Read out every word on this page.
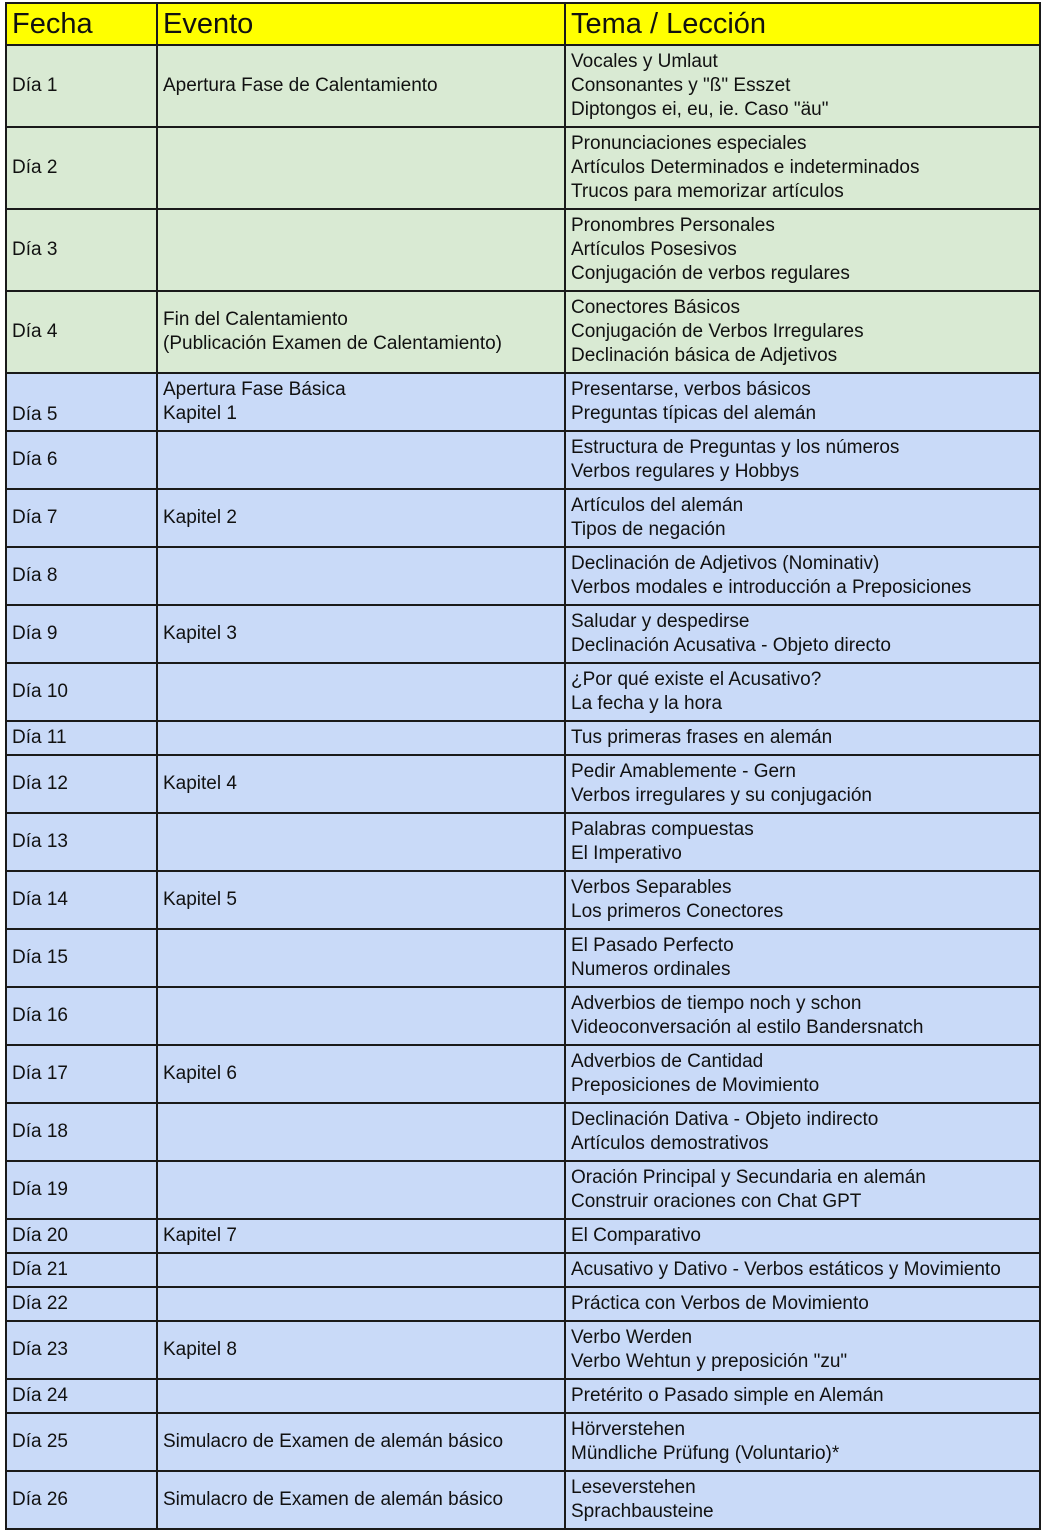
Fecha	Evento	Tema / Lección
Día 1	Apertura Fase de Calentamiento	Vocales y Umlaut
Consonantes y "ß" Esszet
Diptongos ei, eu, ie. Caso "äu"

Día 2		Pronunciaciones especiales
Artículos Determinados e indeterminados
Trucos para memorizar artículos

Día 3		Pronombres Personales
Artículos Posesivos
Conjugación de verbos regulares

Día 4	Fin del Calentamiento
(Publicación Examen de Calentamiento)	Conectores Básicos
Conjugación de Verbos Irregulares
Declinación básica de Adjetivos

Día 5	Apertura Fase Básica
Kapitel 1	Presentarse, verbos básicos
Preguntas típicas del alemán

Día 6		Estructura de Preguntas y los números
Verbos regulares y Hobbys

Día 7	Kapitel 2	Artículos del alemán
Tipos de negación

Día 8		Declinación de Adjetivos (Nominativ)
Verbos modales e introducción a Preposiciones

Día 9	Kapitel 3	Saludar y despedirse
Declinación Acusativa - Objeto directo

Día 10		¿Por qué existe el Acusativo?
La fecha y la hora

Día 11		Tus primeras frases en alemán

Día 12	Kapitel 4	Pedir Amablemente - Gern
Verbos irregulares y su conjugación

Día 13		Palabras compuestas
El Imperativo

Día 14	Kapitel 5	Verbos Separables
Los primeros Conectores

Día 15		El Pasado Perfecto
Numeros ordinales

Día 16		Adverbios de tiempo noch y schon
Videoconversación al estilo Bandersnatch

Día 17	Kapitel 6	Adverbios de Cantidad
Preposiciones de Movimiento

Día 18		Declinación Dativa - Objeto indirecto
Artículos demostrativos

Día 19		Oración Principal y Secundaria en alemán
Construir oraciones con Chat GPT

Día 20	Kapitel 7	El Comparativo

Día 21		Acusativo y Dativo - Verbos estáticos y Movimiento

Día 22		Práctica con Verbos de Movimiento

Día 23	Kapitel 8	Verbo Werden
Verbo Wehtun y preposición "zu"

Día 24		Pretérito o Pasado simple en Alemán

Día 25	Simulacro de Examen de alemán básico	Hörverstehen
Mündliche Prüfung (Voluntario)*

Día 26	Simulacro de Examen de alemán básico	Leseverstehen
Sprachbausteine
